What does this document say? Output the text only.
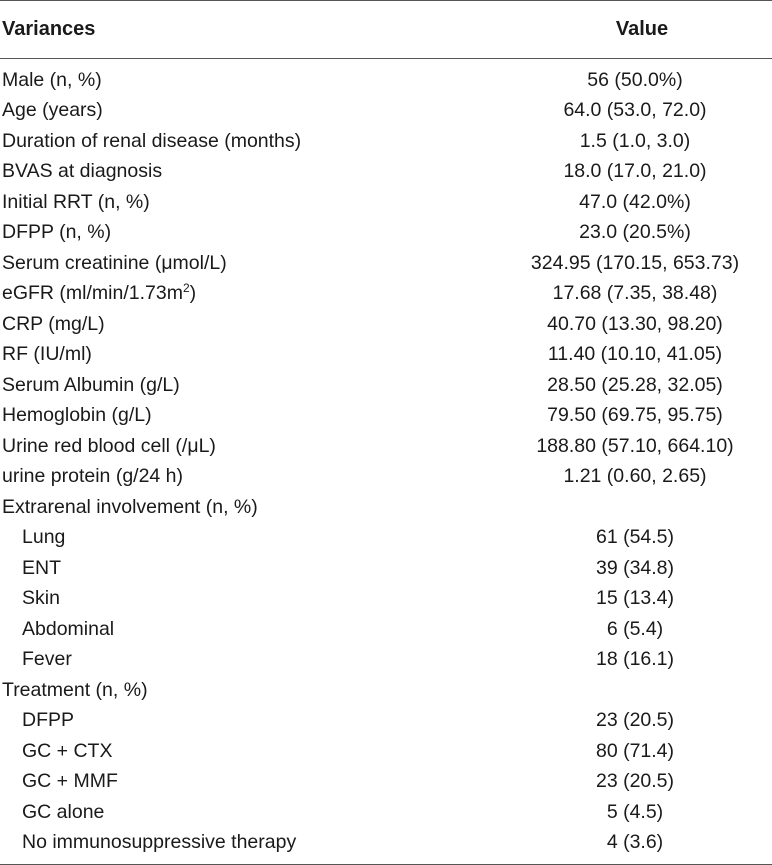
Variances	Value
Male (n, %)	56 (50.0%)
Age (years)	64.0 (53.0, 72.0)
Duration of renal disease (months)	1.5 (1.0, 3.0)
BVAS at diagnosis	18.0 (17.0, 21.0)
Initial RRT (n, %)	47.0 (42.0%)
DFPP (n, %)	23.0 (20.5%)
Serum creatinine (μmol/L)	324.95 (170.15, 653.73)
eGFR $(ml/\min/1.73m^2)$	17.68 (7.35, 38.48)
CRP (mg/L)	40.70 (13.30, 98.20)
RF (IU/ml)	11.40 (10.10, 41.05)
Serum Albumin (g/L)	28.50 (25.28, 32.05)
Hemoglobin (g/L)	79.50 (69.75, 95.75)
Urine red blood cell (/μL)	188.80 (57.10, 664.10)
urine protein (g/24 h)	1.21 (0.60, 2.65)
Extrarenal involvement (n, %)
Lung	61 (54.5)
ENT	39 (34.8)
Skin	15 (13.4)
Abdominal	6 (5.4)
Fever	18 (16.1)
Treatment (n, %)
DFPP	23 (20.5)
GC + CTX	80 (71.4)
GC + MMF	23 (20.5)
GC alone	5 (4.5)
No immunosuppressive therapy	4 (3.6)
